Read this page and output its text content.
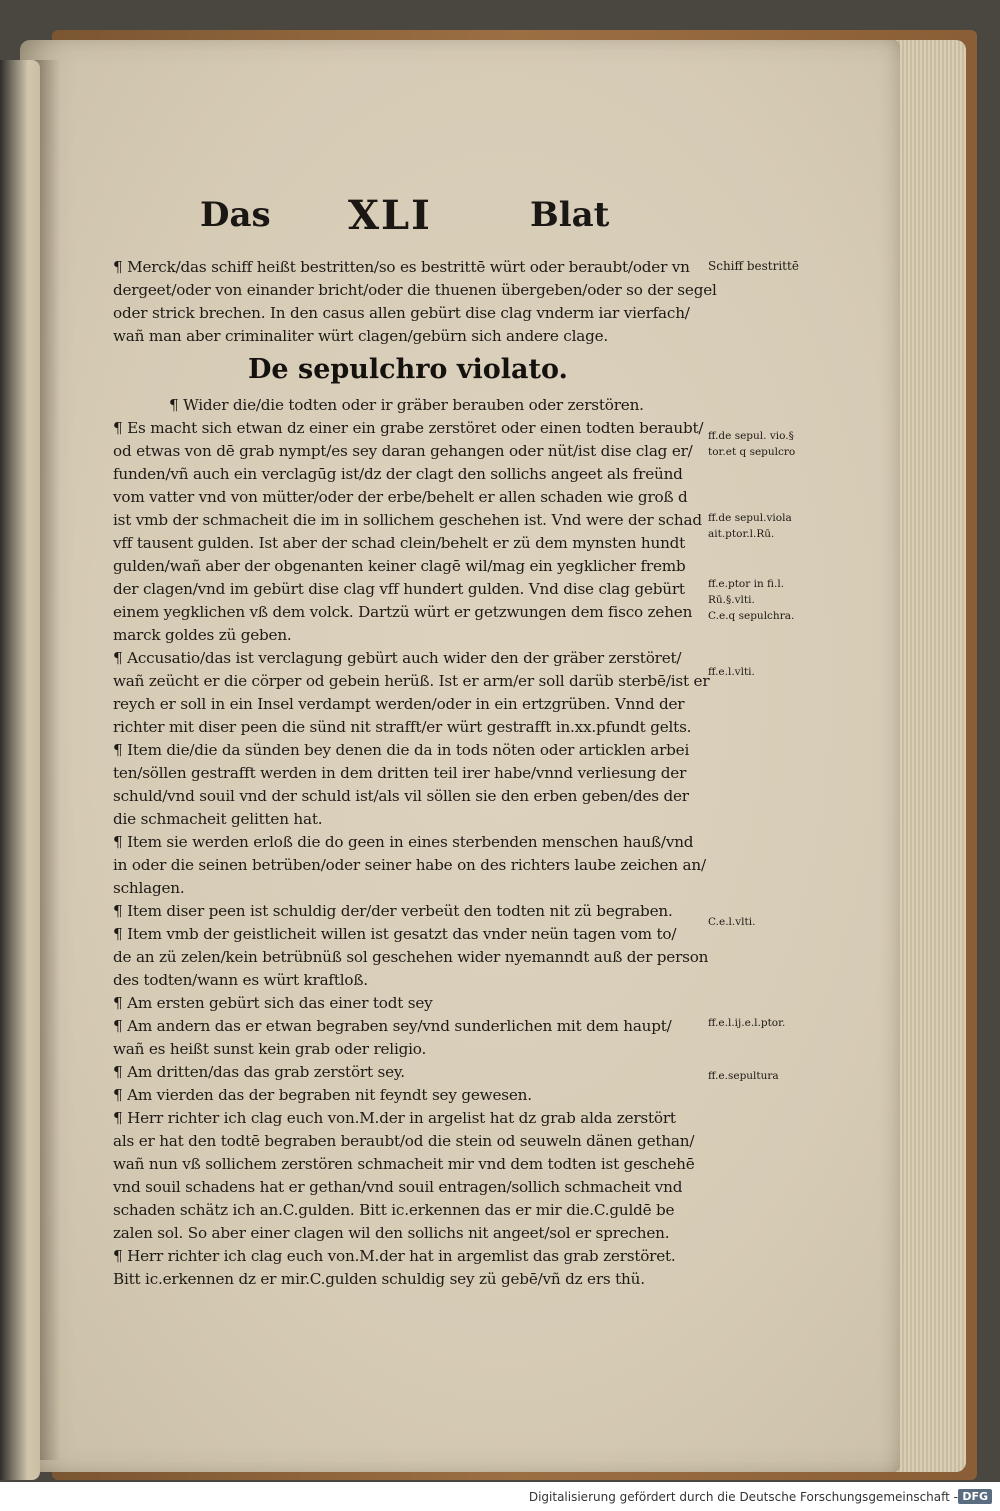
Das XLI	Blat
¶ Merck/das schiff heißt bestritten/so es bestrittē würt oder beraubt/oder vn
dergeet/oder von einander bricht/oder die thuenen übergeben/oder so der segel
oder strick brechen. In den casus allen gebürt dise clag vnderm iar vierfach/
wañ man aber criminaliter würt clagen/gebürn sich andere clage.
De sepulchro violato.
¶ Wider die/die todten oder ir gräber berauben oder zerstören.
¶ Es macht sich etwan dz einer ein grabe zerstöret oder einen todten beraubt/
od etwas von dē grab nympt/es sey daran gehangen oder nüt/ist dise clag er/
funden/vñ auch ein verclagūg ist/dz der clagt den sollichs angeet als freünd
vom vatter vnd von mütter/oder der erbe/behelt er allen schaden wie groß d
ist vmb der schmacheit die im in sollichem geschehen ist. Vnd were der schad
vff tausent gulden. Ist aber der schad clein/behelt er zü dem mynsten hundt
gulden/wañ aber der obgenanten keiner clagē wil/mag ein yegklicher fremb
der clagen/vnd im gebürt dise clag vff hundert gulden. Vnd dise clag gebürt
einem yegklichen vß dem volck. Dartzü würt er getzwungen dem fisco zehen
marck goldes zü geben.
¶ Accusatio/das ist verclagung gebürt auch wider den der gräber zerstöret/
wañ zeücht er die cörper od gebein herüß. Ist er arm/er soll darüb sterbē/ist er
reych er soll in ein Insel verdampt werden/oder in ein ertzgrüben. Vnnd der
richter mit diser peen die sünd nit strafft/er würt gestrafft in.xx.pfundt gelts.
¶ Item die/die da sünden bey denen die da in tods nöten oder articklen arbei
ten/söllen gestrafft werden in dem dritten teil irer habe/vnnd verliesung der
schuld/vnd souil vnd der schuld ist/als vil söllen sie den erben geben/des der
die schmacheit gelitten hat.
¶ Item sie werden erloß die do geen in eines sterbenden menschen hauß/vnd
in oder die seinen betrüben/oder seiner habe on des richters laube zeichen an/
schlagen.
¶ Item diser peen ist schuldig der/der verbeüt den todten nit zü begraben.
¶ Item vmb der geistlicheit willen ist gesatzt das vnder neün tagen vom to/
de an zü zelen/kein betrübnüß sol geschehen wider nyemanndt auß der person
des todten/wann es würt kraftloß.
¶ Am ersten gebürt sich das einer todt sey
¶ Am andern das er etwan begraben sey/vnd sunderlichen mit dem haupt/
wañ es heißt sunst kein grab oder religio.
¶ Am dritten/das das grab zerstört sey.
¶ Am vierden das der begraben nit feyndt sey gewesen.
¶ Herr richter ich clag euch von.M.der in argelist hat dz grab alda zerstört
als er hat den todtē begraben beraubt/od die stein od seuweln dänen gethan/
wañ nun vß sollichem zerstören schmacheit mir vnd dem todten ist geschehē
vnd souil schadens hat er gethan/vnd souil entragen/sollich schmacheit vnd
schaden schätz ich an.C.gulden. Bitt ic.erkennen das er mir die.C.guldē be
zalen sol. So aber einer clagen wil den sollichs nit angeet/sol er sprechen.
¶ Herr richter ich clag euch von.M.der hat in argemlist das grab zerstöret.
Bitt ic.erkennen dz er mir.C.gulden schuldig sey zü gebē/vñ dz ers thü.
Schiff bestrittē
ff.de sepul. vio.§
tor.et q sepulcro
ff.de sepul.viola
ait.ptor.l.Rū.
ff.e.ptor in fi.l.
Rū.§.vlti.
C.e.q sepulchra.
ff.e.l.vlti.
C.e.l.vlti.
ff.e.l.ij.e.l.ptor.
ff.e.sepultura
Digitalisierung gefördert durch die Deutsche Forschungsgemeinschaft - DFG
